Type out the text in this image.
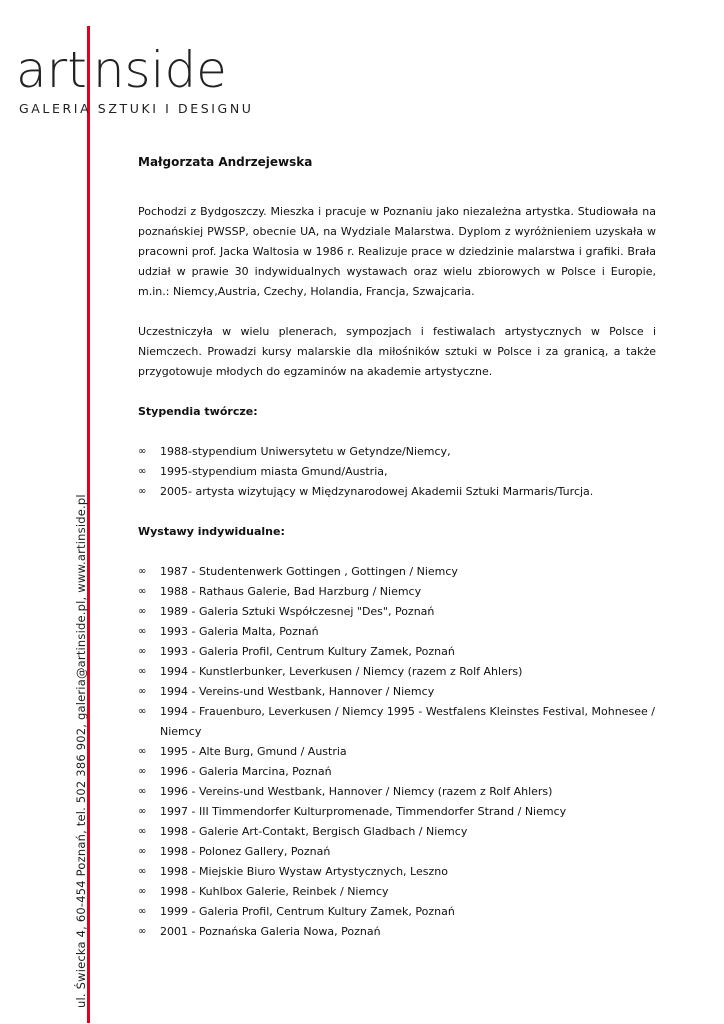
art nside
GALERIA SZTUKI I DESIGNU
ul. Świecka 4, 60-454 Poznań, tel. 502 386 902, galeria@artinside.pl, www.artinside.pl
Małgorzata Andrzejewska

Pochodzi z Bydgoszczy. Mieszka i pracuje w Poznaniu jako niezależna artystka. Studiowała na poznańskiej PWSSP, obecnie UA, na Wydziale Malarstwa. Dyplom z wyróżnieniem uzyskała w pracowni prof. Jacka Waltosia w 1986 r. Realizuje prace w dziedzinie malarstwa i grafiki. Brała udział w prawie 30 indywidualnych wystawach oraz wielu zbiorowych w Polsce i Europie, m.in.: Niemcy,Austria, Czechy, Holandia, Francja, Szwajcaria.

Uczestniczyła w wielu plenerach, sympozjach i festiwalach artystycznych w Polsce i Niemczech. Prowadzi kursy malarskie dla miłośników sztuki w Polsce i za granicą, a także przygotowuje młodych do egzaminów na akademie artystyczne.

Stypendia twórcze:
∞ 1988-stypendium Uniwersytetu w Getyndze/Niemcy,
∞ 1995-stypendium miasta Gmund/Austria,
∞ 2005- artysta wizytujący w Międzynarodowej Akademii Sztuki Marmaris/Turcja.
Wystawy indywidualne:
∞ 1987 - Studentenwerk Gottingen , Gottingen / Niemcy
∞ 1988 - Rathaus Galerie, Bad Harzburg / Niemcy
∞ 1989 - Galeria Sztuki Współczesnej "Des", Poznań
∞ 1993 - Galeria Malta, Poznań
∞ 1993 - Galeria Profil, Centrum Kultury Zamek, Poznań
∞ 1994 - Kunstlerbunker, Leverkusen / Niemcy (razem z Rolf Ahlers)
∞ 1994 - Vereins-und Westbank, Hannover / Niemcy
∞ 1994 - Frauenburo, Leverkusen / Niemcy 1995 - Westfalens Kleinstes Festival, Mohnesee / Niemcy
∞ 1995 - Alte Burg, Gmund / Austria
∞ 1996 - Galeria Marcina, Poznań
∞ 1996 - Vereins-und Westbank, Hannover / Niemcy (razem z Rolf Ahlers)
∞ 1997 - III Timmendorfer Kulturpromenade, Timmendorfer Strand / Niemcy
∞ 1998 - Galerie Art-Contakt, Bergisch Gladbach / Niemcy
∞ 1998 - Polonez Gallery, Poznań
∞ 1998 - Miejskie Biuro Wystaw Artystycznych, Leszno
∞ 1998 - Kuhlbox Galerie, Reinbek / Niemcy
∞ 1999 - Galeria Profil, Centrum Kultury Zamek, Poznań
∞ 2001 - Poznańska Galeria Nowa, Poznań
